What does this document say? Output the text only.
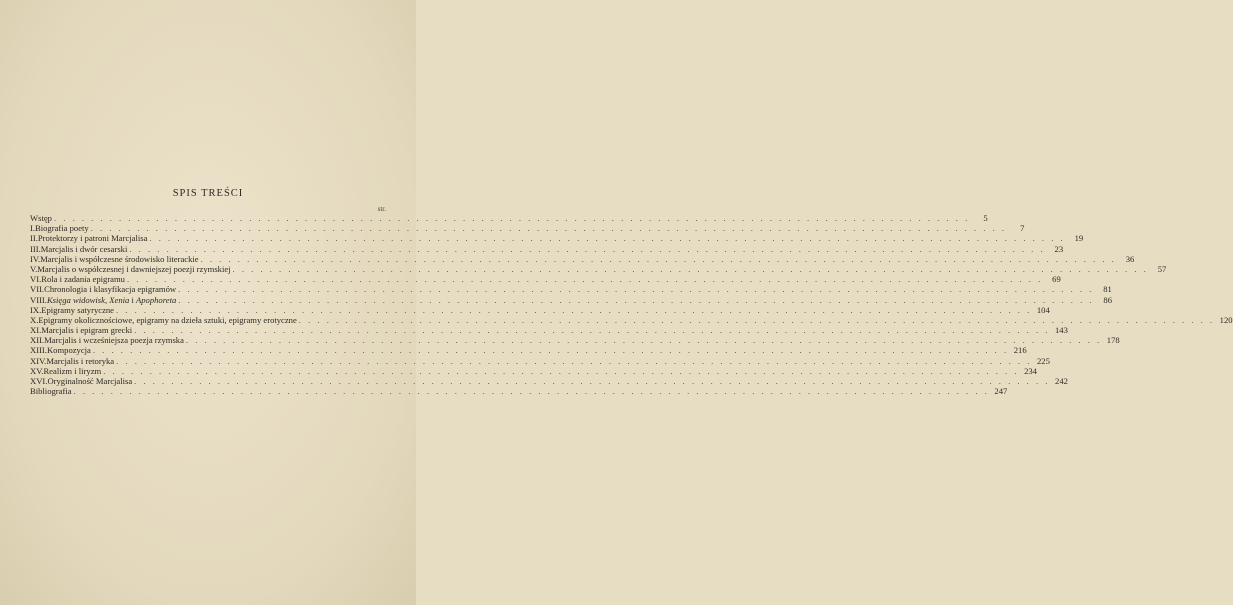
SPIS TREŚCI
str.
Wstęp . . .	5
I. Biografia poety . . .	7
II. Protektorzy i patroni Marcjalisa . . .	19
III. Marcjalis i dwór cesarski . . .	23
IV. Marcjalis i współczesne środowisko literackie . . .	36
V. Marcjalis o współczesnej i dawniejszej poezji rzymskiej . . .	57
VI. Rola i zadania epigramu . . .	69
VII. Chronologia i klasyfikacja epigramów . . .	81
VIII. Księga widowisk, Xenia i Apophoreta . . .	86
IX. Epigramy satyryczne . . .	104
X. Epigramy okolicznościowe, epigramy na dzieła sztuki, epigramy erotyczne . . .	120
XI. Marcjalis i epigram grecki . . .	143
XII. Marcjalis i wcześniejsza poezja rzymska . . .	178
XIII. Kompozycja . . .	216
XIV. Marcjalis i retoryka . . .	225
XV. Realizm i liryzm . . .	234
XVI. Oryginalność Marcjalisa . . .	242
Bibliografia . . .	247
